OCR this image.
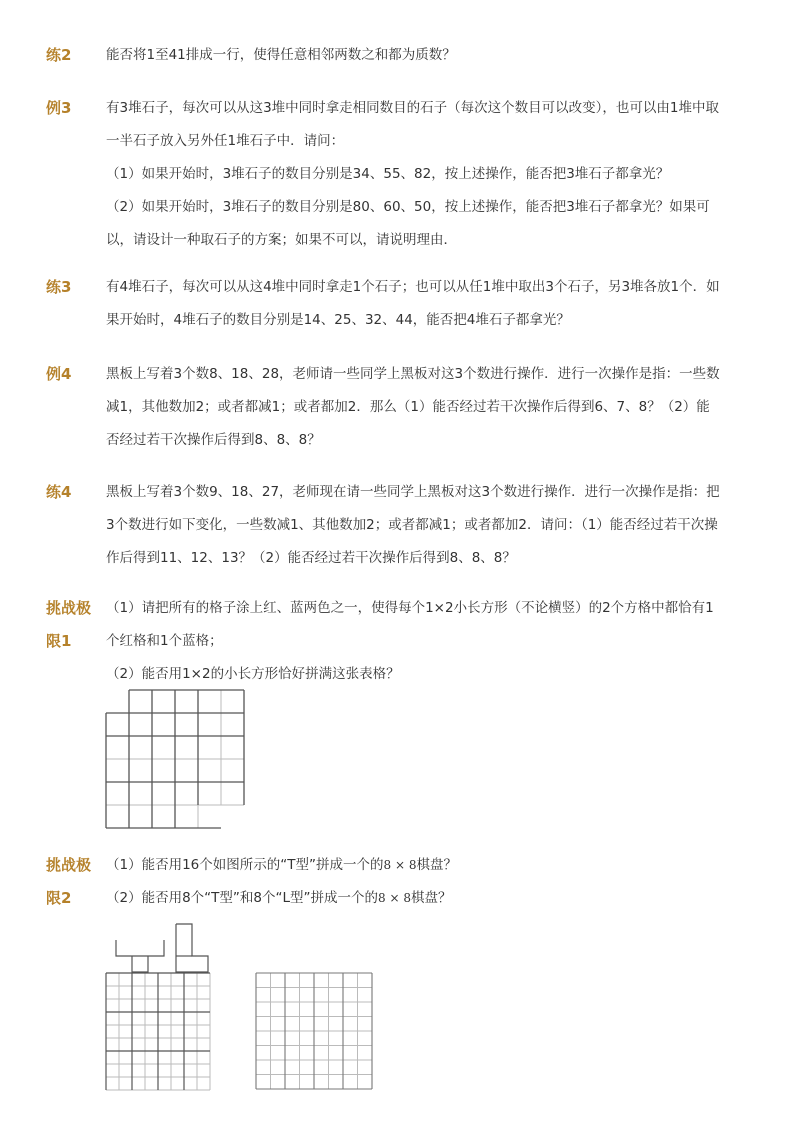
练2	能否将1至41排成一行，使得任意相邻两数之和都为质数？
例3	有3堆石子，每次可以从这3堆中同时拿走相同数目的石子（每次这个数目可以改变），也可以由1堆中取一半石子放入另外任1堆石子中．请问：
（1）如果开始时，3堆石子的数目分别是34、55、82，按上述操作，能否把3堆石子都拿光？
（2）如果开始时，3堆石子的数目分别是80、60、50，按上述操作，能否把3堆石子都拿光？如果可以，请设计一种取石子的方案；如果不可以，请说明理由．
练3	有4堆石子，每次可以从这4堆中同时拿走1个石子；也可以从任1堆中取出3个石子，另3堆各放1个．如果开始时，4堆石子的数目分别是14、25、32、44，能否把4堆石子都拿光？
例4	黑板上写着3个数8、18、28，老师请一些同学上黑板对这3个数进行操作．进行一次操作是指：一些数减1，其他数加2；或者都减1；或者都加2．那么（1）能否经过若干次操作后得到6、7、8？（2）能否经过若干次操作后得到8、8、8？
练4	黑板上写着3个数9、18、27，老师现在请一些同学上黑板对这3个数进行操作．进行一次操作是指：把3个数进行如下变化，一些数减1、其他数加2；或者都减1；或者都加2．请问：（1）能否经过若干次操作后得到11、12、13？（2）能否经过若干次操作后得到8、8、8？
挑战极
限1
（1）请把所有的格子涂上红、蓝两色之一，使得每个1×2小长方形（不论横竖）的2个方格中都恰有1个红格和1个蓝格；
（2）能否用1×2的小长方形恰好拼满这张表格？
挑战极
限2
（1）能否用16个如图所示的“T型”拼成一个的8 × 8棋盘？
（2）能否用8个“T型”和8个“L型”拼成一个的8 × 8棋盘？
